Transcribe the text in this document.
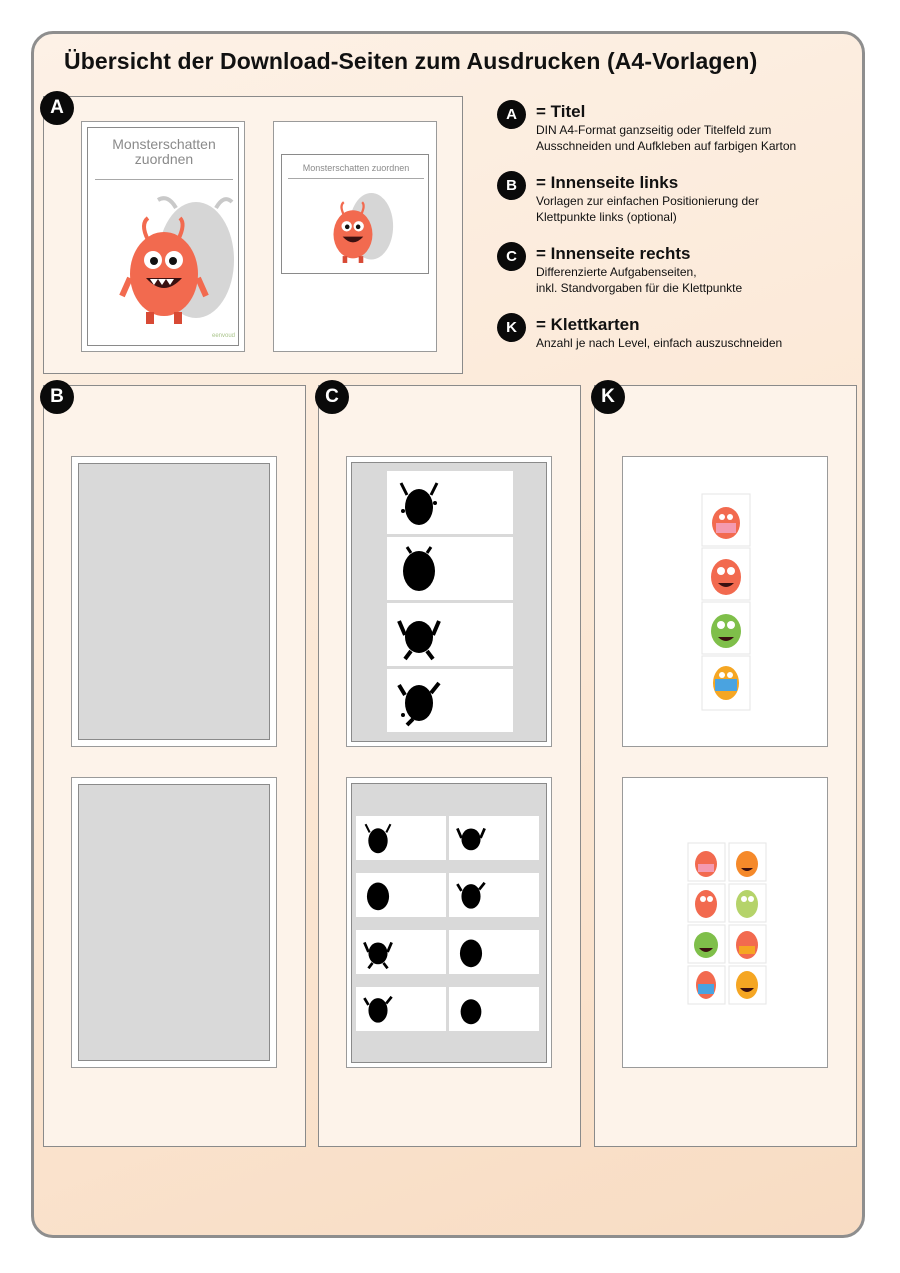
Übersicht der Download-Seiten zum Ausdrucken (A4-Vorlagen)
A
Monsterschatten
zuordnen
eenvoud
Monsterschatten zuordnen
A	= Titel
DIN A4-Format ganzseitig oder Titelfeld zum
Ausschneiden und Aufkleben auf farbigen Karton
B	= Innenseite links
Vorlagen zur einfachen Positionierung der
Klettpunkte links (optional)
C	= Innenseite rechts
Differenzierte Aufgabenseiten,
inkl. Standvorgaben für die Klettpunkte
K	= Klettkarten
Anzahl je nach Level, einfach auszuschneiden
B	C	K
